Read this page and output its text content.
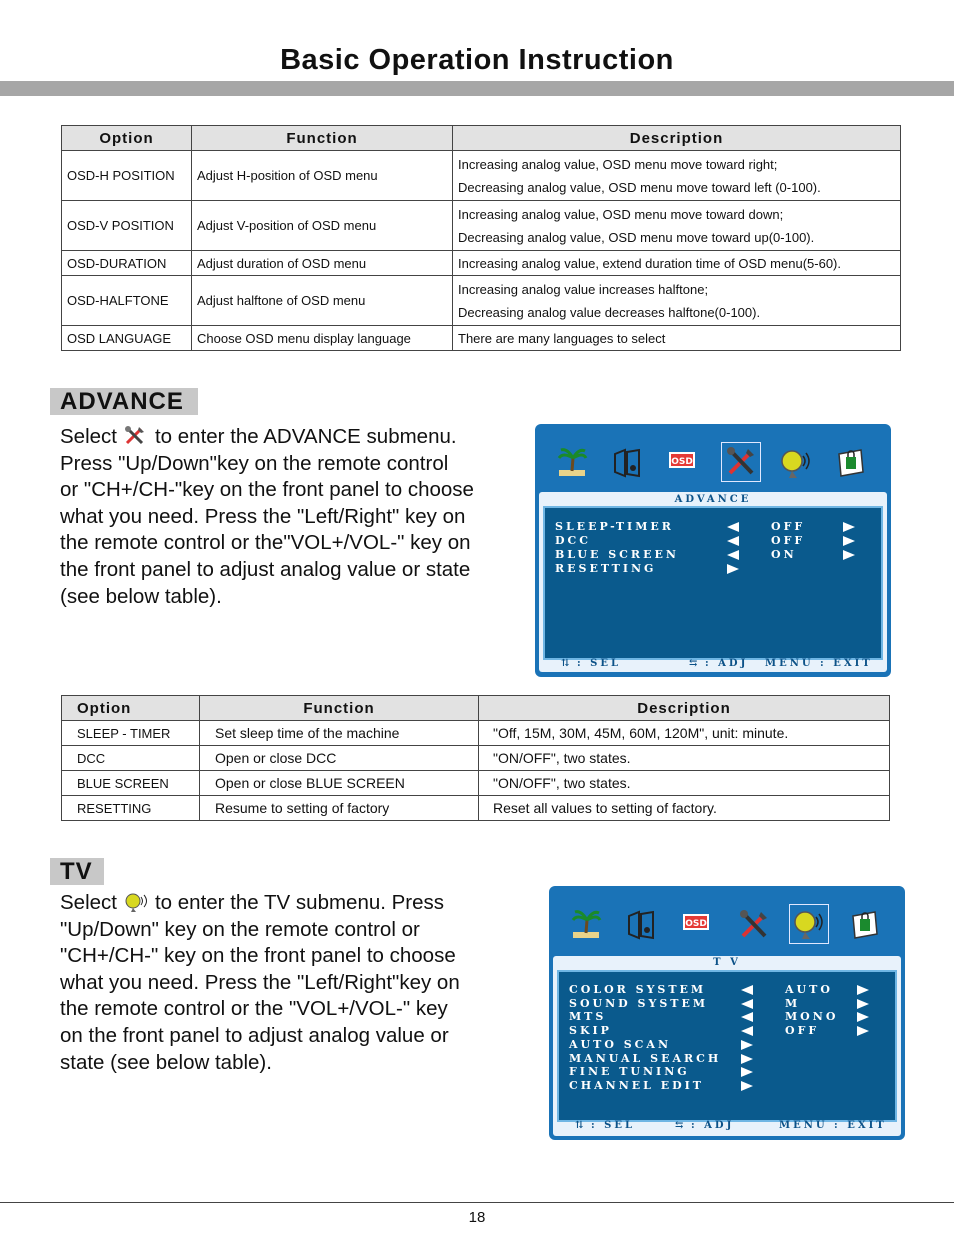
Basic Operation Instruction
Option	Function	Description
OSD-H POSITION	Adjust H-position of OSD menu	Increasing analog value, OSD menu move toward right;
Decreasing analog value, OSD menu move toward left (0-100).

OSD-V POSITION	Adjust V-position of OSD menu	Increasing analog value, OSD menu move toward down;
Decreasing analog value, OSD menu move toward up(0-100).

OSD-DURATION	Adjust duration of OSD menu	Increasing analog value, extend duration time of OSD menu(5-60).

OSD-HALFTONE	Adjust halftone of OSD menu	Increasing analog value increases halftone;
Decreasing analog value decreases halftone(0-100).

OSD LANGUAGE	Choose OSD menu display language	There are many languages to select
ADVANCE
Select to enter the ADVANCE submenu.
Press "Up/Down"key on the remote control
or "CH+/CH-"key on the front panel to choose
what you need. Press the "Left/Right" key on
the remote control or the"VOL+/VOL-" key on
the front panel to adjust analog value or state
(see below table).
OSD
ADVANCE
SLEEP-TIMER	OFF
DCC	OFF
BLUE SCREEN	ON
RESETTING
⇅ : SEL	⇆ : ADJ MENU : EXIT
Option	Function	Description
SLEEP - TIMER	Set sleep time of the machine	"Off, 15M, 30M, 45M, 60M, 120M", unit: minute.
DCC	Open or close DCC	"ON/OFF", two states.
BLUE SCREEN	Open or close BLUE SCREEN	"ON/OFF", two states.
RESETTING	Resume to setting of factory	Reset all values to setting of factory.
TV
Select to enter the TV submenu. Press
"Up/Down" key on the remote control or
"CH+/CH-" key on the front panel to choose
what you need. Press the "Left/Right"key on
the remote control or the "VOL+/VOL-" key
on the front panel to adjust analog value or
state (see below table).
OSD
T V
COLOR SYSTEM	AUTO
SOUND SYSTEM	M
MTS	MONO
SKIP	OFF
AUTO SCAN
MANUAL SEARCH
FINE TUNING
CHANNEL EDIT
⇅ : SEL	⇆ : ADJ	MENU : EXIT
18
